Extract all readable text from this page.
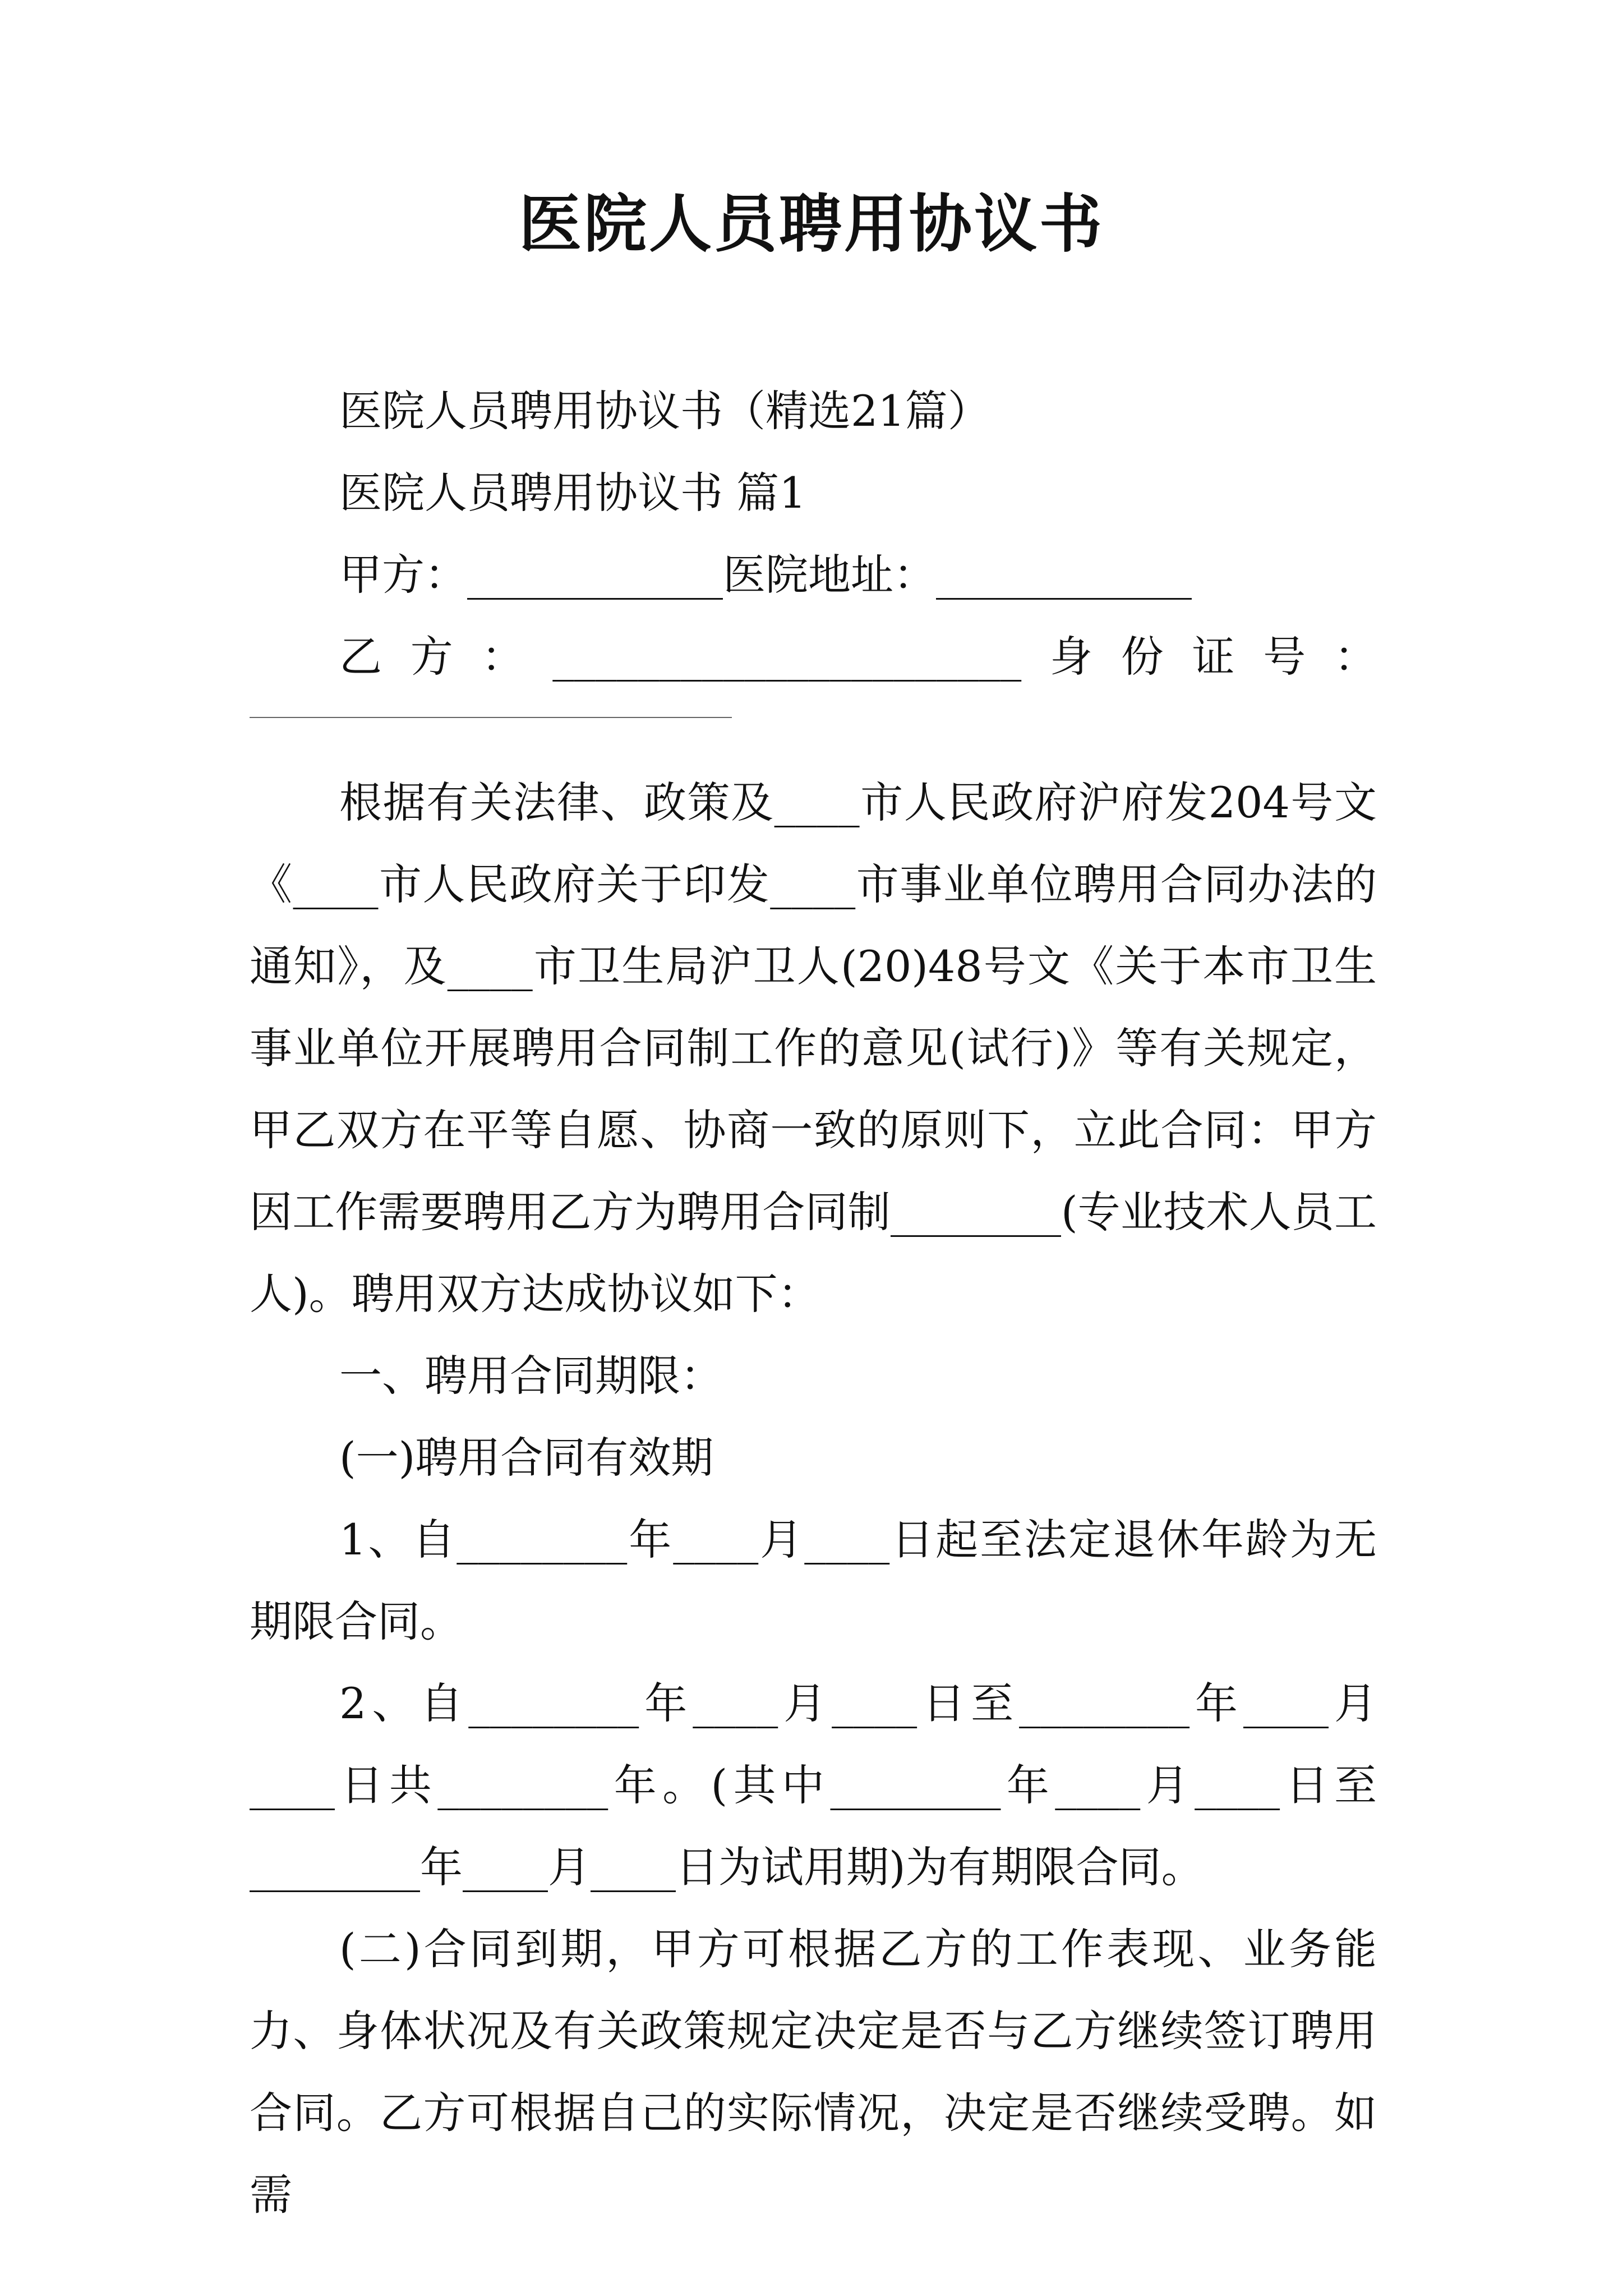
医院人员聘用协议书

医院人员聘用协议书（精选21篇）

医院人员聘用协议书 篇1

甲方：____________医院地址：____________

乙方：______________________身份证号：

根据有关法律、政策及____市人民政府沪府发204号文《____市人民政府关于印发____市事业单位聘用合同办法的通知》，及____市卫生局沪卫人(20)48号文《关于本市卫生事业单位开展聘用合同制工作的意见(试行)》等有关规定，甲乙双方在平等自愿、协商一致的原则下，立此合同：甲方因工作需要聘用乙方为聘用合同制________(专业技术人员工人)。聘用双方达成协议如下：

一、聘用合同期限：

(一)聘用合同有效期

1、自________年____月____日起至法定退休年龄为无期限合同。

2、自________年____月____日至________年____月____日共________年。(其中________年____月____日至________年____月____日为试用期)为有期限合同。

(二)合同到期，甲方可根据乙方的工作表现、业务能力、身体状况及有关政策规定决定是否与乙方继续签订聘用合同。乙方可根据自己的实际情况，决定是否继续受聘。如需
